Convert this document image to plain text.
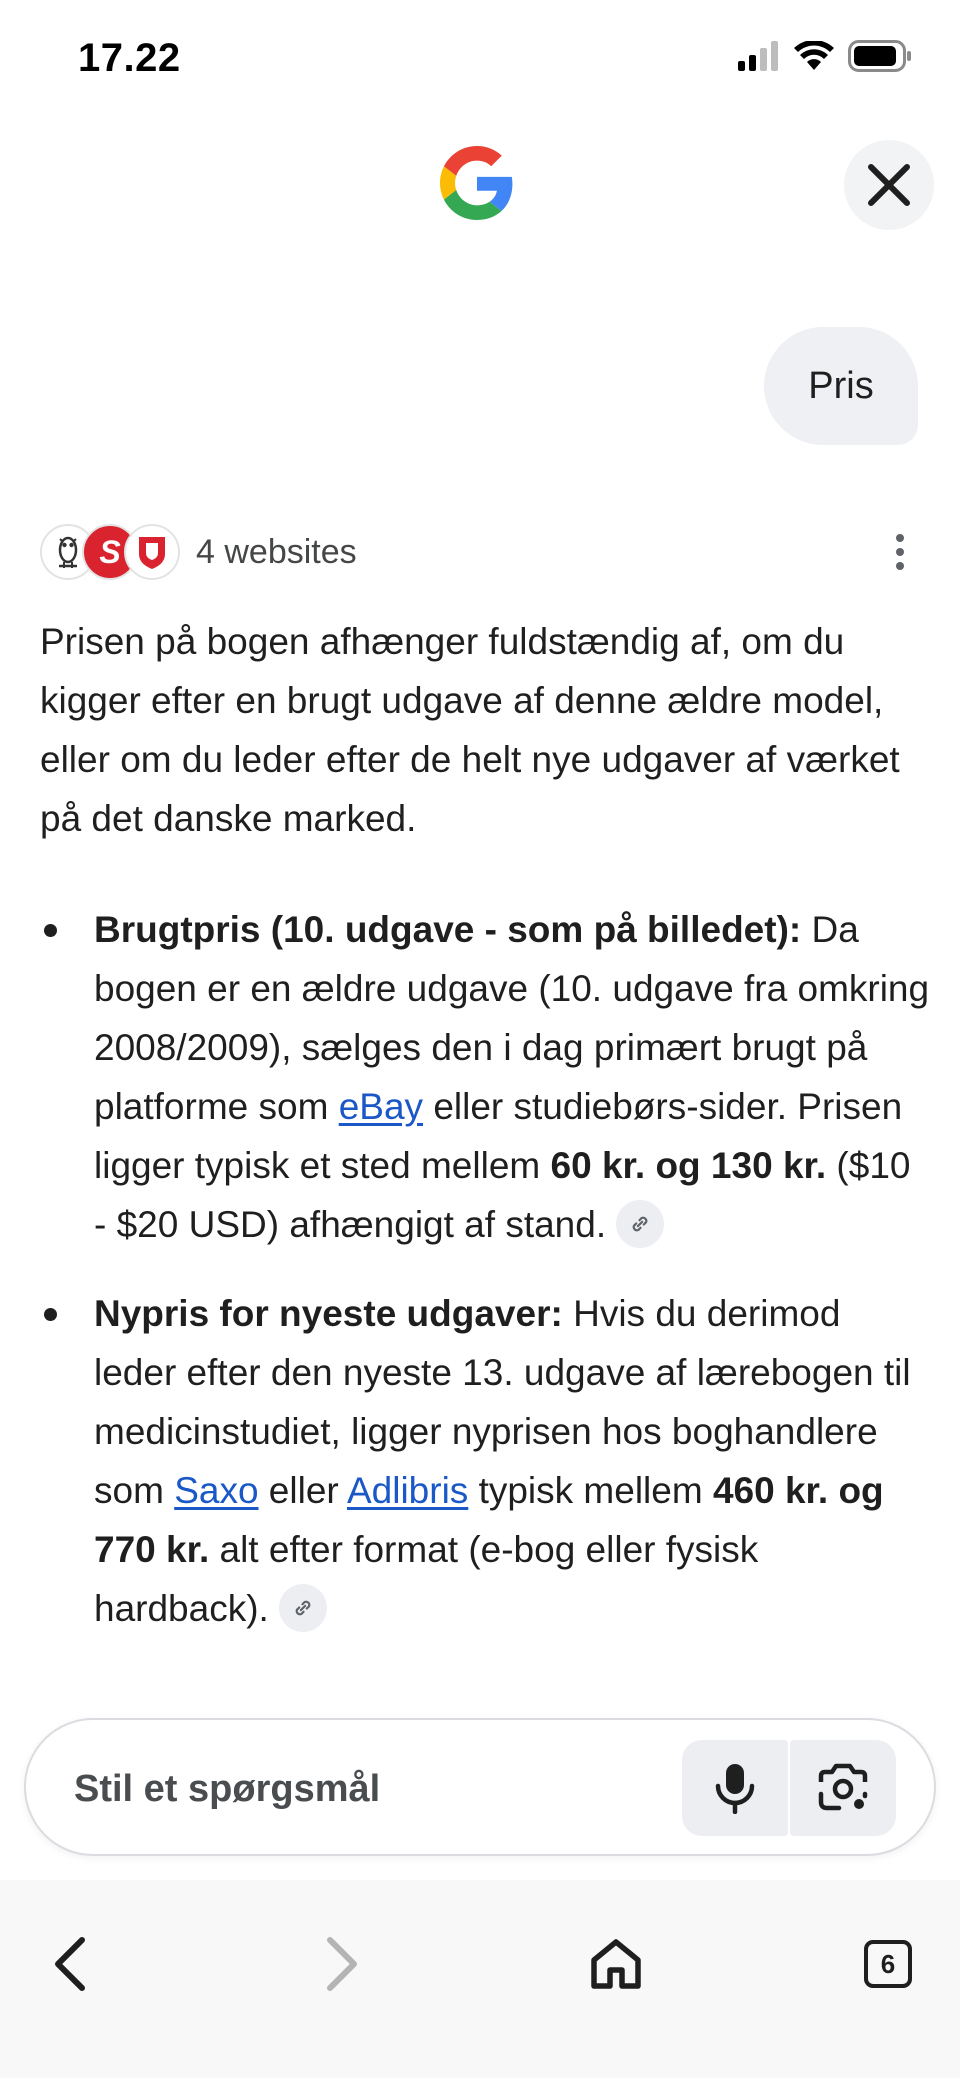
17.22
Pris
S 4 websites

Prisen på bogen afhænger fuldstændig af, om du kigger efter en brugt udgave af denne ældre model, eller om du leder efter de helt nye udgaver af værket på det danske marked.

Brugtpris (10. udgave - som på billedet): Da bogen er en ældre udgave (10. udgave fra omkring 2008/2009), sælges den i dag primært brugt på platforme som eBay eller studiebørs-sider. Prisen ligger typisk et sted mellem 60 kr. og 130 kr. ($10 - $20 USD) afhængigt af stand.
Nypris for nyeste udgaver: Hvis du derimod leder efter den nyeste 13. udgave af lærebogen til medicinstudiet, ligger nyprisen hos boghandlere som Saxo eller Adlibris typisk mellem 460 kr. og 770 kr. alt efter format (e-bog eller fysisk hardback).
Stil et spørgsmål
6
